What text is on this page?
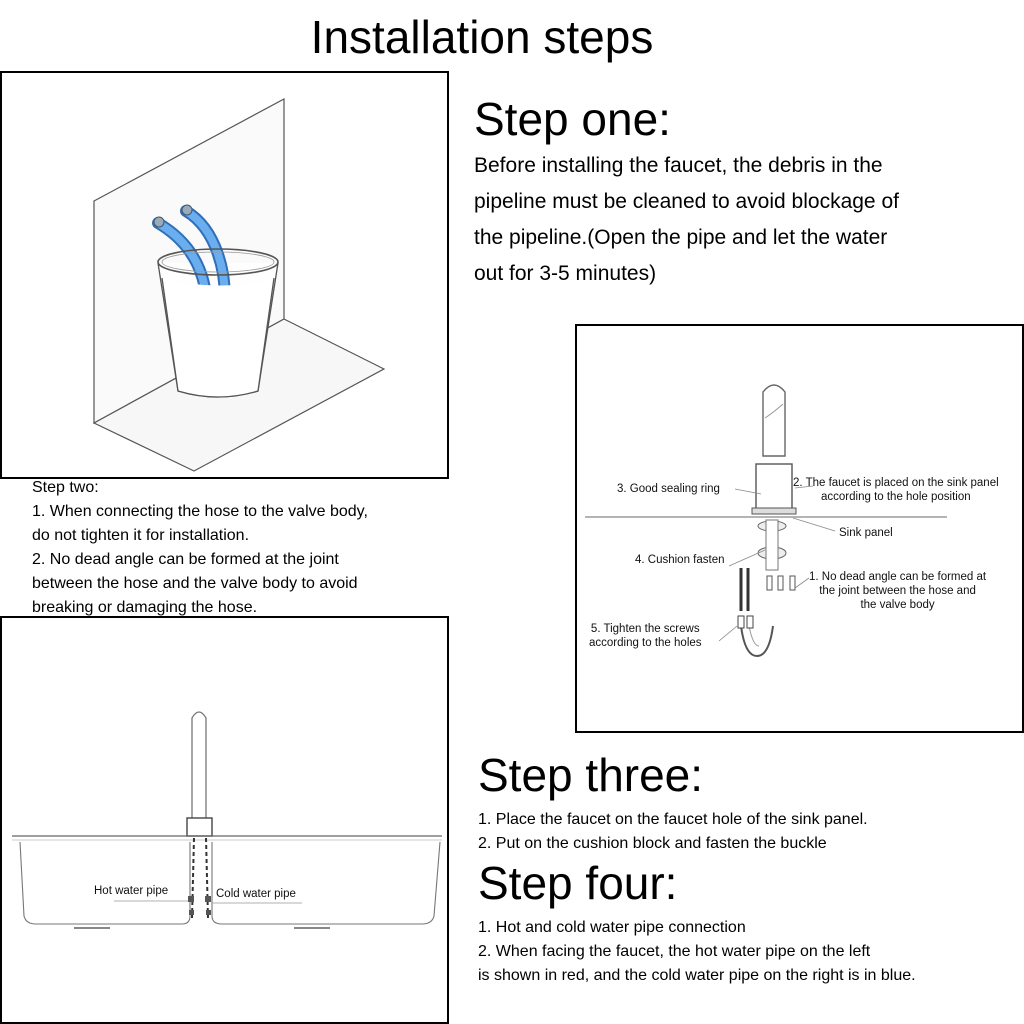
Installation steps
Step one:
Before installing the faucet, the debris in the
pipeline must be cleaned to avoid blockage of
the pipeline.(Open the pipe and let the water
out for 3-5 minutes)
Step two:
1. When connecting the hose to the valve body,
do not tighten it for installation.
2. No dead angle can be formed at the joint
between the hose and the valve body to avoid
breaking or damaging the hose.
3. Good sealing ring	2. The faucet is placed on the sink panel
according to the hole position
Sink panel
4. Cushion fasten
1. No dead angle can be formed at
the joint between the hose and
the valve body
5. Tighten the screws
according to the holes
Hot water pipe	Cold water pipe
Step three:
1. Place the faucet on the faucet hole of the sink panel.
2. Put on the cushion block and fasten the buckle
Step four:
1. Hot and cold water pipe connection
2. When facing the faucet, the hot water pipe on the left
is shown in red, and the cold water pipe on the right is in blue.
